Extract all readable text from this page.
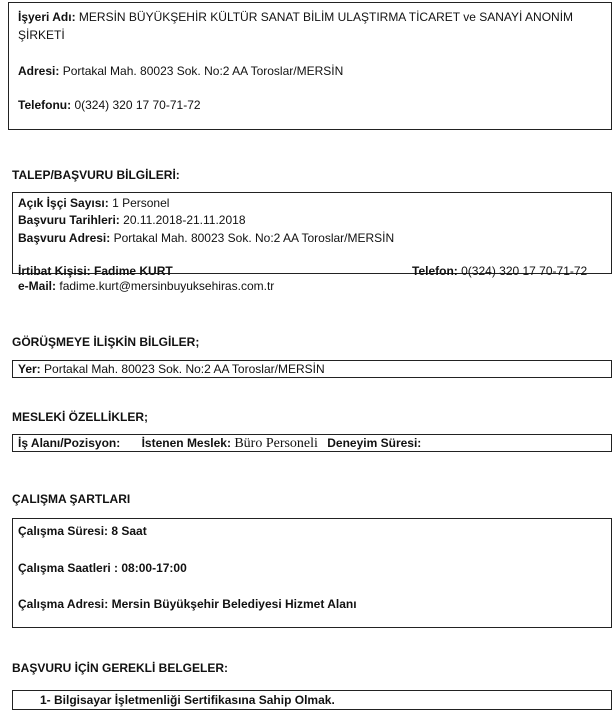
İşyeri Adı: MERSİN BÜYÜKŞEHİR KÜLTÜR SANAT BİLİM ULAŞTIRMA TİCARET ve SANAYİ ANONİM
ŞİRKETİ
Adresi: Portakal Mah. 80023 Sok. No:2 AA Toroslar/MERSİN
Telefonu: 0(324) 320 17 70-71-72
TALEP/BAŞVURU BİLGİLERİ:
Açık İşçi Sayısı: 1 Personel
Başvuru Tarihleri: 20.11.2018-21.11.2018
Başvuru Adresi: Portakal Mah. 80023 Sok. No:2 AA Toroslar/MERSİN
İrtibat Kişisi: Fadime KURT	Telefon: 0(324) 320 17 70-71-72
e-Mail: fadime.kurt@mersinbuyuksehiras.com.tr
GÖRÜŞMEYE İLİŞKİN BİLGİLER;
Yer: Portakal Mah. 80023 Sok. No:2 AA Toroslar/MERSİN
MESLEKİ ÖZELLİKLER;
İş Alanı/Pozisyon: İstenen Meslek: Büro Personeli Deneyim Süresi:
ÇALIŞMA ŞARTLARI
Çalışma Süresi: 8 Saat
Çalışma Saatleri : 08:00-17:00
Çalışma Adresi: Mersin Büyükşehir Belediyesi Hizmet Alanı
BAŞVURU İÇİN GEREKLİ BELGELER:
1- Bilgisayar İşletmenliği Sertifikasına Sahip Olmak.
